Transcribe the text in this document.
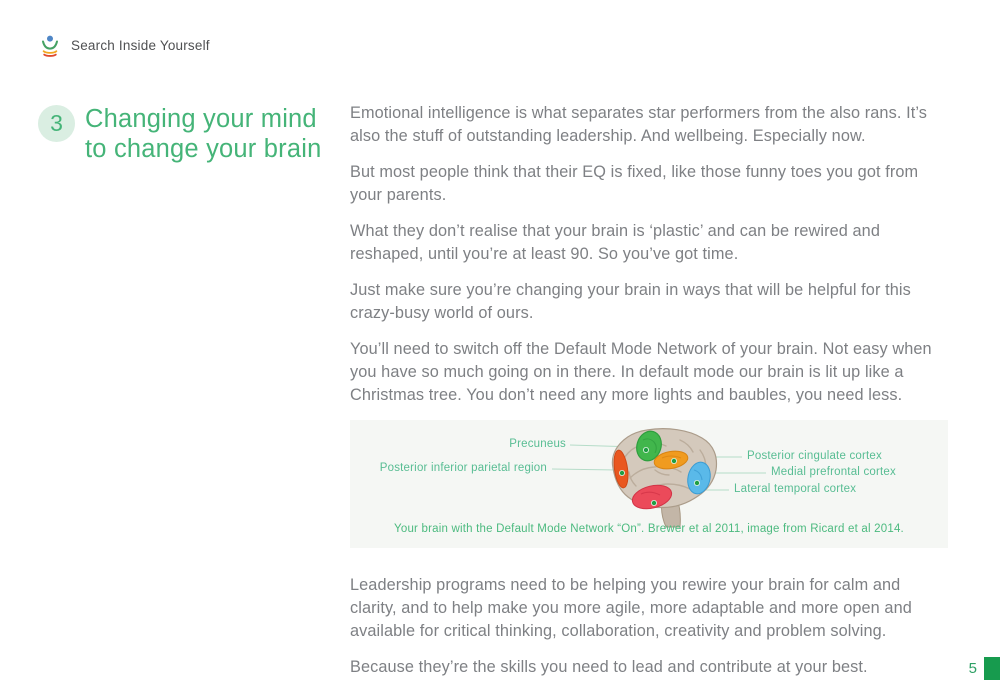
Search Inside Yourself
3 Changing your mind
to change your brain

Emotional intelligence is what separates star performers from the also rans. It’s also the stuff of outstanding leadership. And wellbeing. Especially now.

But most people think that their EQ is fixed, like those funny toes you got from your parents.

What they don’t realise that your brain is ‘plastic’ and can be rewired and reshaped, until you’re at least 90. So you’ve got time.

Just make sure you’re changing your brain in ways that will be helpful for this crazy-busy world of ours.

You’ll need to switch off the Default Mode Network of your brain. Not easy when you have so much going on in there. In default mode our brain is lit up like a Christmas tree. You don’t need any more lights and baubles, you need less.

Precuneus
Posterior inferior parietal region
Posterior cingulate cortex
Medial prefrontal cortex
Lateral temporal cortex
Your brain with the Default Mode Network “On”. Brewer et al 2011, image from Ricard et al 2014.

Leadership programs need to be helping you rewire your brain for calm and clarity, and to help make you more agile, more adaptable and more open and available for critical thinking, collaboration, creativity and problem solving.

Because they’re the skills you need to lead and contribute at your best.	5
